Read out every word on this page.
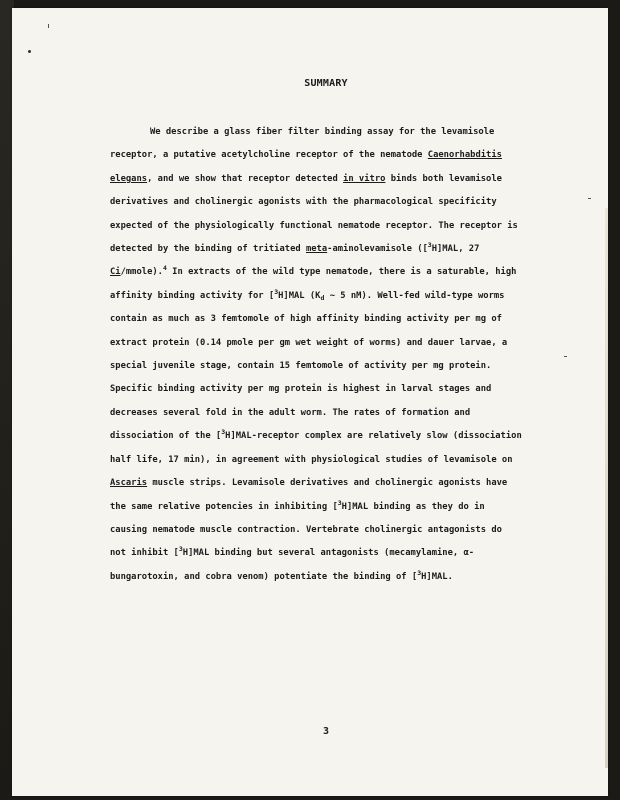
SUMMARY
We describe a glass fiber filter binding assay for the levamisole
receptor, a putative acetylcholine receptor of the nematode Caenorhabditis
elegans, and we show that receptor detected in vitro binds both levamisole
derivatives and cholinergic agonists with the pharmacological specificity
expected of the physiologically functional nematode receptor. The receptor is
detected by the binding of tritiated meta-aminolevamisole ([$^3$H]MAL, 27
Ci/mmole).$^4$ In extracts of the wild type nematode, there is a saturable, high
affinity binding activity for [$^3$H]MAL ($K_d$ ~ 5 nM). Well-fed wild-type worms
contain as much as 3 femtomole of high affinity binding activity per mg of
extract protein (0.14 pmole per gm wet weight of worms) and dauer larvae, a
special juvenile stage, contain 15 femtomole of activity per mg protein.
Specific binding activity per mg protein is highest in larval stages and
decreases several fold in the adult worm. The rates of formation and
dissociation of the [$^3$H]MAL-receptor complex are relatively slow (dissociation
half life, 17 min), in agreement with physiological studies of levamisole on
Ascaris muscle strips. Levamisole derivatives and cholinergic agonists have
the same relative potencies in inhibiting [$^3$H]MAL binding as they do in
causing nematode muscle contraction. Vertebrate cholinergic antagonists do
not inhibit [$^3$H]MAL binding but several antagonists (mecamylamine, α-
bungarotoxin, and cobra venom) potentiate the binding of [$^3$H]MAL.
3
